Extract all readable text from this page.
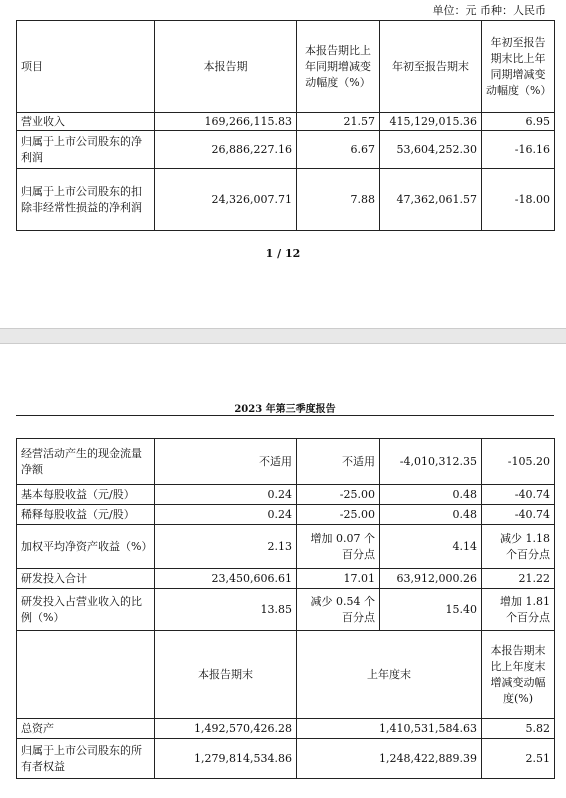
单位：元 币种：人民币
项目	本报告期	本报告期比上年同期增减变动幅度（%）	年初至报告期末	年初至报告期末比上年同期增减变动幅度（%）
营业收入	169,266,115.83	21.57	415,129,015.36	6.95
归属于上市公司股东的净利润	26,886,227.16	6.67	53,604,252.30	-16.16
归属于上市公司股东的扣除非经常性损益的净利润	24,326,007.71	7.88	47,362,061.57	-18.00
1 / 12
2023 年第三季度报告
经营活动产生的现金流量净额	不适用	不适用	-4,010,312.35	-105.20
基本每股收益（元/股）	0.24	-25.00	0.48	-40.74
稀释每股收益（元/股）	0.24	-25.00	0.48	-40.74
加权平均净资产收益（%）	2.13	增加 0.07 个百分点	4.14	减少 1.18 个百分点
研发投入合计	23,450,606.61	17.01	63,912,000.26	21.22
研发投入占营业收入的比例（%）	13.85	减少 0.54 个百分点	15.40	增加 1.81 个百分点
	本报告期末	上年度末		本报告期末比上年度末增减变动幅度(%)
总资产	1,492,570,426.28	1,410,531,584.63		5.82
归属于上市公司股东的所有者权益	1,279,814,534.86	1,248,422,889.39		2.51
